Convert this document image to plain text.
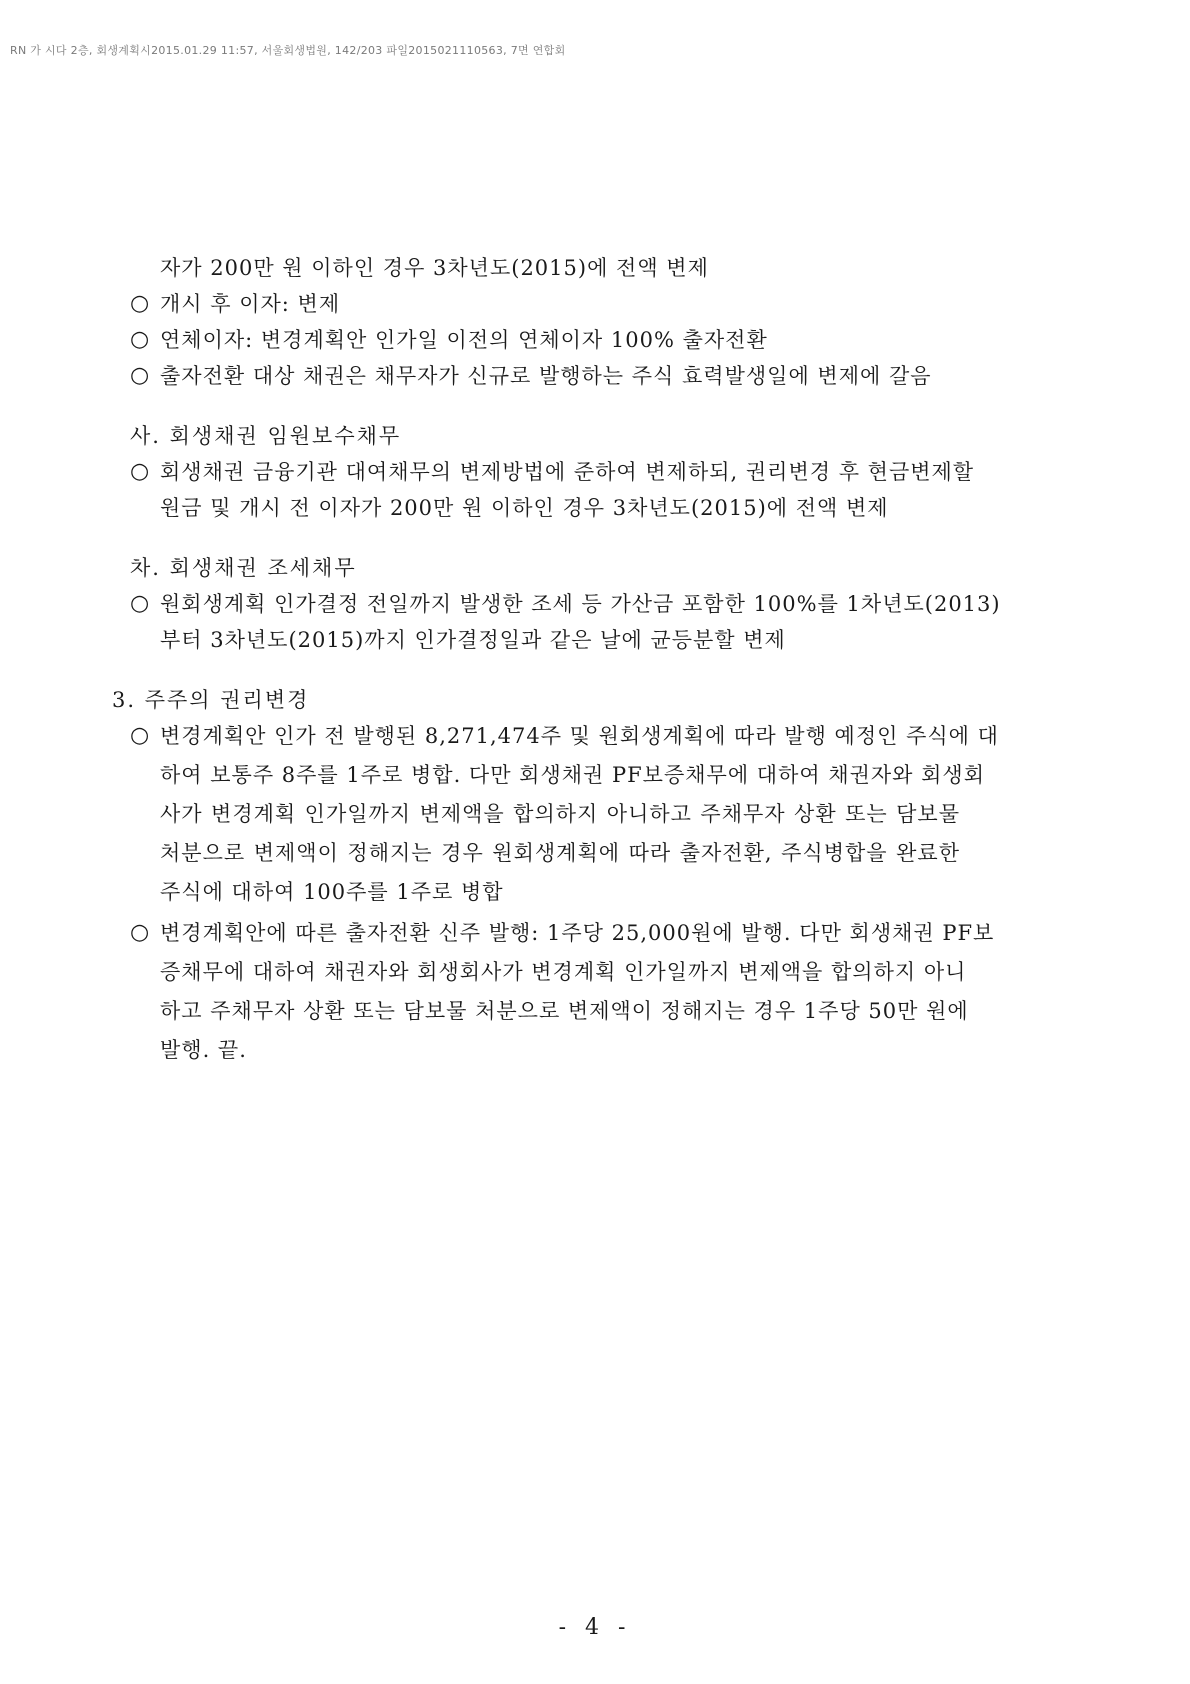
RN 가 시다 2층, 회생계획시2015.01.29 11:57, 서울회생법원, 142/203 파일2015021110563, 7면 연합회
자가 200만 원 이하인 경우 3차년도(2015)에 전액 변제
○ 개시 후 이자: 변제
○ 연체이자: 변경계획안 인가일 이전의 연체이자 100% 출자전환
○ 출자전환 대상 채권은 채무자가 신규로 발행하는 주식 효력발생일에 변제에 갈음
사. 회생채권 임원보수채무
○ 회생채권 금융기관 대여채무의 변제방법에 준하여 변제하되, 권리변경 후 현금변제할
원금 및 개시 전 이자가 200만 원 이하인 경우 3차년도(2015)에 전액 변제
차. 회생채권 조세채무
○ 원회생계획 인가결정 전일까지 발생한 조세 등 가산금 포함한 100%를 1차년도(2013)
부터 3차년도(2015)까지 인가결정일과 같은 날에 균등분할 변제
3. 주주의 권리변경
○ 변경계획안 인가 전 발행된 8,271,474주 및 원회생계획에 따라 발행 예정인 주식에 대
하여 보통주 8주를 1주로 병합. 다만 회생채권 PF보증채무에 대하여 채권자와 회생회
사가 변경계획 인가일까지 변제액을 합의하지 아니하고 주채무자 상환 또는 담보물
처분으로 변제액이 정해지는 경우 원회생계획에 따라 출자전환, 주식병합을 완료한
주식에 대하여 100주를 1주로 병합
○ 변경계획안에 따른 출자전환 신주 발행: 1주당 25,000원에 발행. 다만 회생채권 PF보
증채무에 대하여 채권자와 회생회사가 변경계획 인가일까지 변제액을 합의하지 아니
하고 주채무자 상환 또는 담보물 처분으로 변제액이 정해지는 경우 1주당 50만 원에
발행. 끝.
- 4 -
